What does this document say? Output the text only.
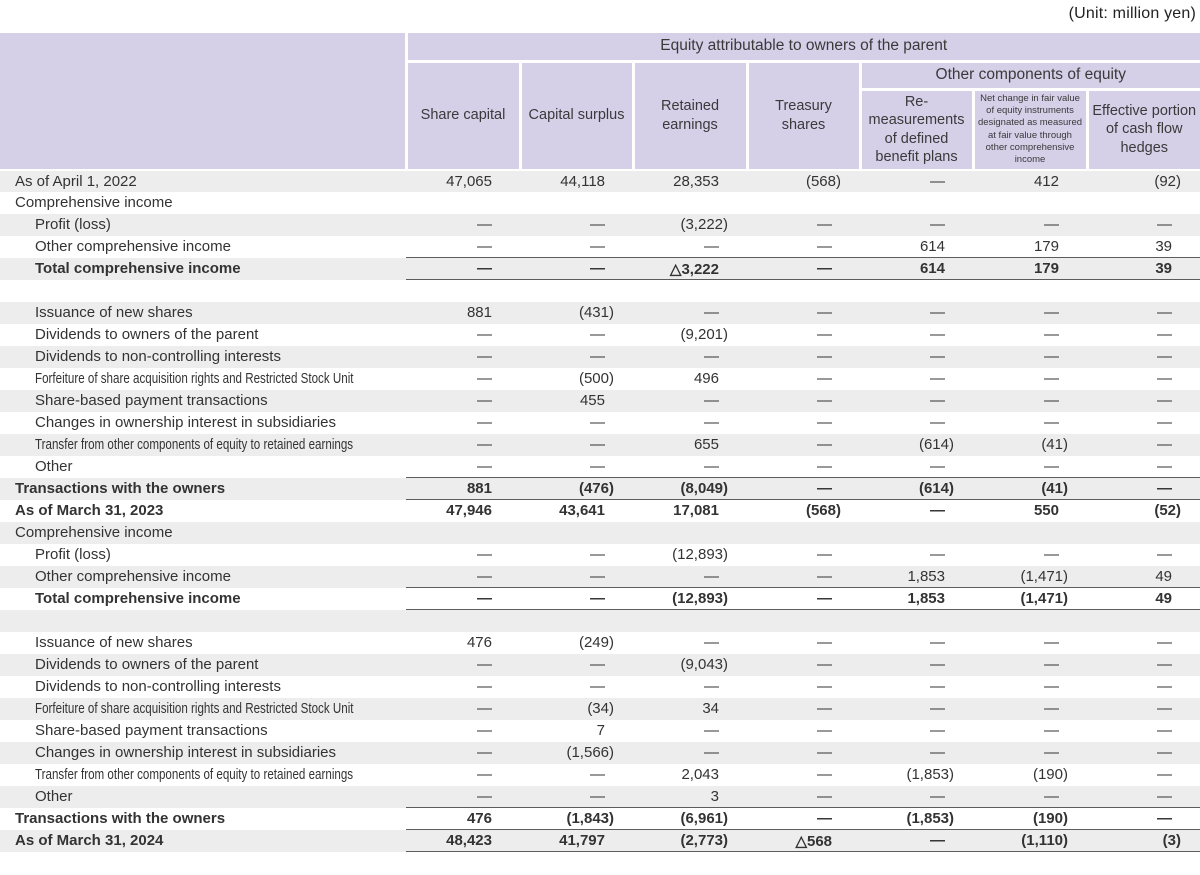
(Unit: million yen)
	Equity attributable to owners of the parent						
	Share capital	Capital surplus	Retained earnings	Treasury shares	Other components of equity		
					Re-measurements of defined benefit plans	Net change in fair value of equity instruments designated as measured at fair value through other comprehensive income	Effective portion of cash flow hedges
As of April 1, 2022	47,065	44,118	28,353	(568)	—	412	(92)
Comprehensive income							
Profit (loss)	—	—	(3,222)	—	—	—	—
Other comprehensive income	—	—	—	—	614	179	39
Total comprehensive income	—	—	△3,222	—	614	179	39

Issuance of new shares	881	(431)	—	—	—	—	—
Dividends to owners of the parent	—	—	(9,201)	—	—	—	—
Dividends to non-controlling interests	—	—	—	—	—	—	—
Forfeiture of share acquisition rights and Restricted Stock Unit	—	(500)	496	—	—	—	—
Share-based payment transactions	—	455	—	—	—	—	—
Changes in ownership interest in subsidiaries	—	—	—	—	—	—	—
Transfer from other components of equity to retained earnings	—	—	655	—	(614)	(41)	—
Other	—	—	—	—	—	—	—
Transactions with the owners	881	(476)	(8,049)	—	(614)	(41)	—
As of March 31, 2023	47,946	43,641	17,081	(568)	—	550	(52)
Comprehensive income							
Profit (loss)	—	—	(12,893)	—	—	—	—
Other comprehensive income	—	—	—	—	1,853	(1,471)	49
Total comprehensive income	—	—	(12,893)	—	1,853	(1,471)	49

Issuance of new shares	476	(249)	—	—	—	—	—
Dividends to owners of the parent	—	—	(9,043)	—	—	—	—
Dividends to non-controlling interests	—	—	—	—	—	—	—
Forfeiture of share acquisition rights and Restricted Stock Unit	—	(34)	34	—	—	—	—
Share-based payment transactions	—	7	—	—	—	—	—
Changes in ownership interest in subsidiaries	—	(1,566)	—	—	—	—	—
Transfer from other components of equity to retained earnings	—	—	2,043	—	(1,853)	(190)	—
Other	—	—	3	—	—	—	—
Transactions with the owners	476	(1,843)	(6,961)	—	(1,853)	(190)	—
As of March 31, 2024	48,423	41,797	(2,773)	△568	—	(1,110)	(3)
